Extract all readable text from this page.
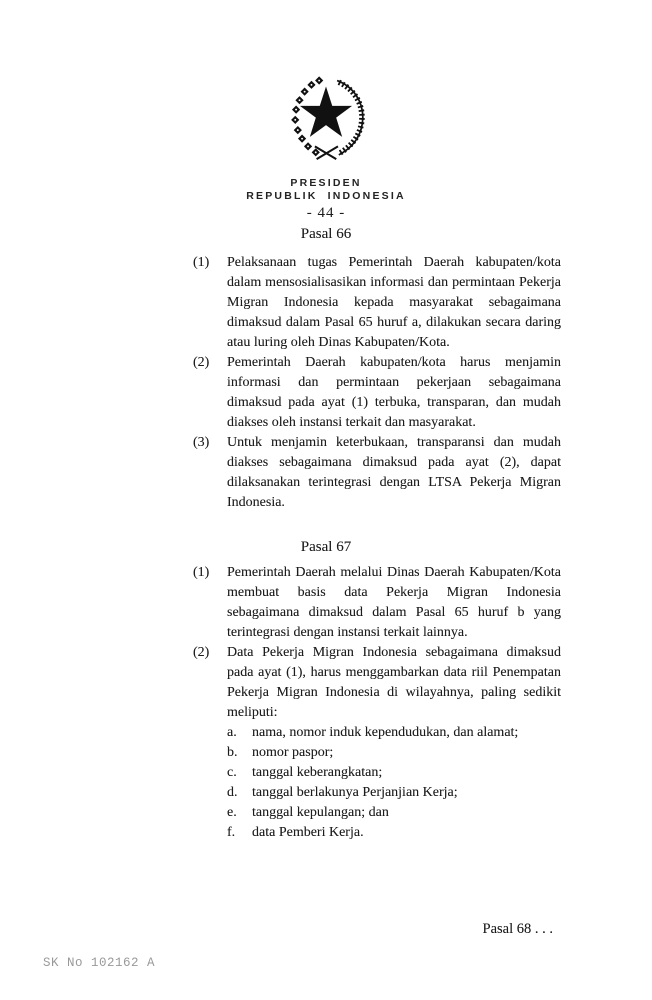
PRESIDEN
REPUBLIK INDONESIA
- 44 -
Pasal 66
(1)	Pelaksanaan tugas Pemerintah Daerah kabupaten/kota dalam mensosialisasikan informasi dan permintaan Pekerja Migran Indonesia kepada masyarakat sebagaimana dimaksud dalam Pasal 65 huruf a, dilakukan secara daring atau luring oleh Dinas Kabupaten/Kota.
(2)	Pemerintah Daerah kabupaten/kota harus menjamin informasi dan permintaan pekerjaan sebagaimana dimaksud pada ayat (1) terbuka, transparan, dan mudah diakses oleh instansi terkait dan masyarakat.
(3)	Untuk menjamin keterbukaan, transparansi dan mudah diakses sebagaimana dimaksud pada ayat (2), dapat dilaksanakan terintegrasi dengan LTSA Pekerja Migran Indonesia.
Pasal 67
(1)	Pemerintah Daerah melalui Dinas Daerah Kabupaten/Kota membuat basis data Pekerja Migran Indonesia sebagaimana dimaksud dalam Pasal 65 huruf b yang terintegrasi dengan instansi terkait lainnya.
(2)	Data Pekerja Migran Indonesia sebagaimana dimaksud pada ayat (1), harus menggambarkan data riil Penempatan Pekerja Migran Indonesia di wilayahnya, paling sedikit meliputi:
a.	nama, nomor induk kependudukan, dan alamat;
b.	nomor paspor;
c.	tanggal keberangkatan;
d.	tanggal berlakunya Perjanjian Kerja;
e.	tanggal kepulangan; dan
f.	data Pemberi Kerja.
Pasal 68 . . .
SK No 102162 A
